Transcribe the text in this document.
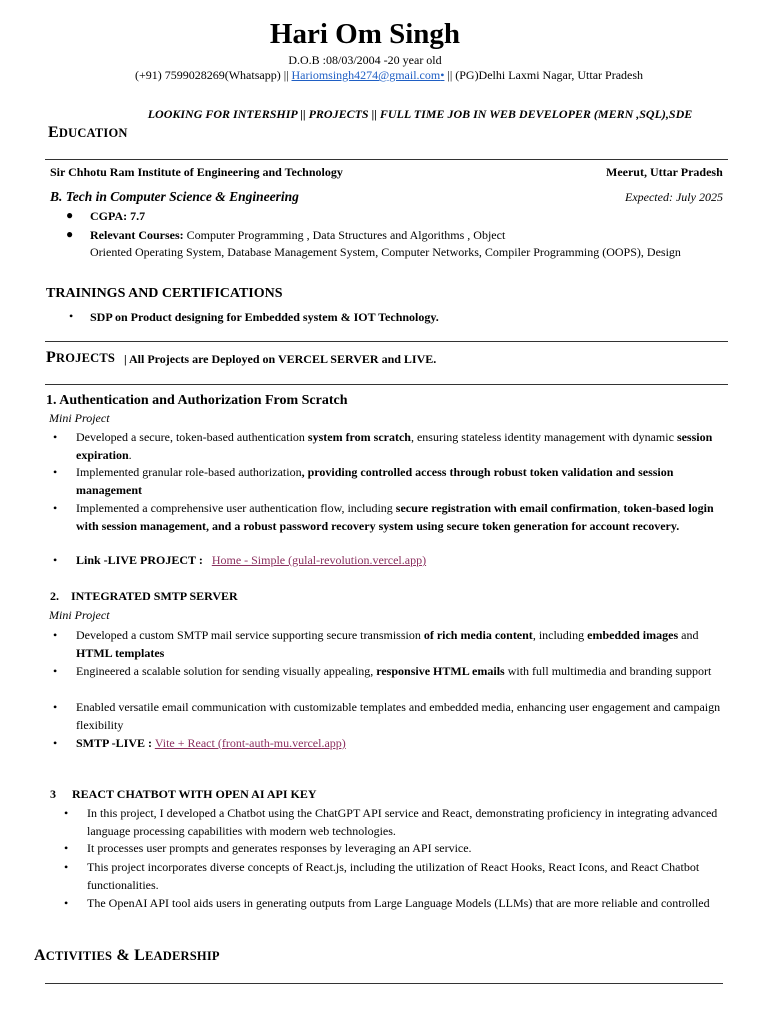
Hari Om Singh
D.O.B :08/03/2004 -20 year old
(+91) 7599028269(Whatsapp) || Hariomsingh4274@gmail.com• || (PG)Delhi Laxmi Nagar, Uttar Pradesh
LOOKING FOR INTERSHIP || PROJECTS || FULL TIME JOB IN WEB DEVELOPER (MERN ,SQL),SDE
EDUCATION
Sir Chhotu Ram Institute of Engineering and Technology	Meerut, Uttar Pradesh
B. Tech in Computer Science & Engineering	Expected: July 2025
● CGPA: 7.7
● Relevant Courses: Computer Programming , Data Structures and Algorithms , Object
Oriented Operating System, Database Management System, Computer Networks, Compiler Programming (OOPS), Design
TRAININGS AND CERTIFICATIONS
• SDP on Product designing for Embedded system & IOT Technology.
PROJECTS | All Projects are Deployed on VERCEL SERVER and LIVE.
1. Authentication and Authorization From Scratch
Mini Project
• Developed a secure, token-based authentication system from scratch, ensuring stateless identity management with dynamic session expiration.
• Implemented granular role-based authorization, providing controlled access through robust token validation and session management
• Implemented a comprehensive user authentication flow, including secure registration with email confirmation, token-based login with session management, and a robust password recovery system using secure token generation for account recovery.
• Link -LIVE PROJECT : Home - Simple (gulal-revolution.vercel.app)
2. INTEGRATED SMTP SERVER
Mini Project
• Developed a custom SMTP mail service supporting secure transmission of rich media content, including embedded images and HTML templates
• Engineered a scalable solution for sending visually appealing, responsive HTML emails with full multimedia and branding support
• Enabled versatile email communication with customizable templates and embedded media, enhancing user engagement and campaign flexibility
• SMTP -LIVE : Vite + React (front-auth-mu.vercel.app)
3 REACT CHATBOT WITH OPEN AI API KEY
• In this project, I developed a Chatbot using the ChatGPT API service and React, demonstrating proficiency in integrating advanced language processing capabilities with modern web technologies.
• It processes user prompts and generates responses by leveraging an API service.
• This project incorporates diverse concepts of React.js, including the utilization of React Hooks, React Icons, and React Chatbot functionalities.
• The OpenAI API tool aids users in generating outputs from Large Language Models (LLMs) that are more reliable and controlled
ACTIVITIES & LEADERSHIP
